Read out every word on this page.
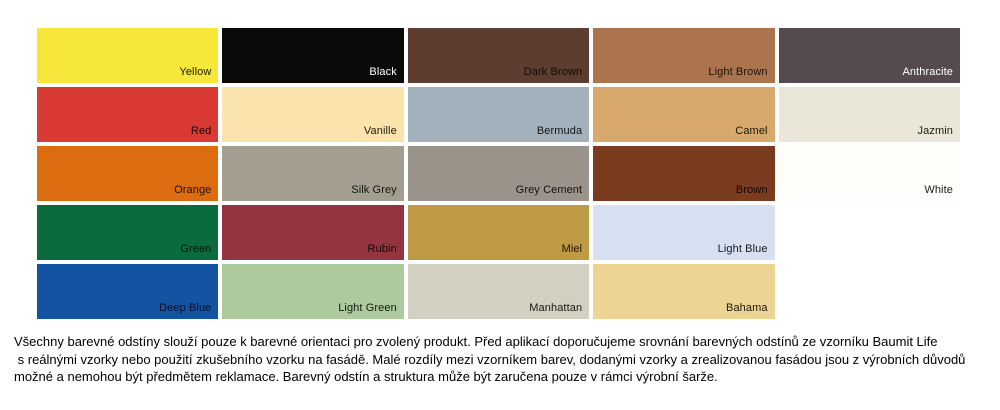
Yellow	Black	Dark Brown	Light Brown	Anthracite
Red	Vanille	Bermuda	Camel	Jazmin
Orange	Silk Grey	Grey Cement	Brown	White
Green	Rubin	Miel	Light Blue
Deep Blue	Light Green	Manhattan	Bahama
Všechny barevné odstíny slouží pouze k barevné orientaci pro zvolený produkt. Před aplikací doporučujeme srovnání barevných odstínů ze vzorníku Baumit Life
s reálnými vzorky nebo použití zkušebního vzorku na fasádě. Malé rozdíly mezi vzorníkem barev, dodanými vzorky a zrealizovanou fasádou jsou z výrobních důvodů
možné a nemohou být předmětem reklamace. Barevný odstín a struktura může být zaručena pouze v rámci výrobní šarže.
